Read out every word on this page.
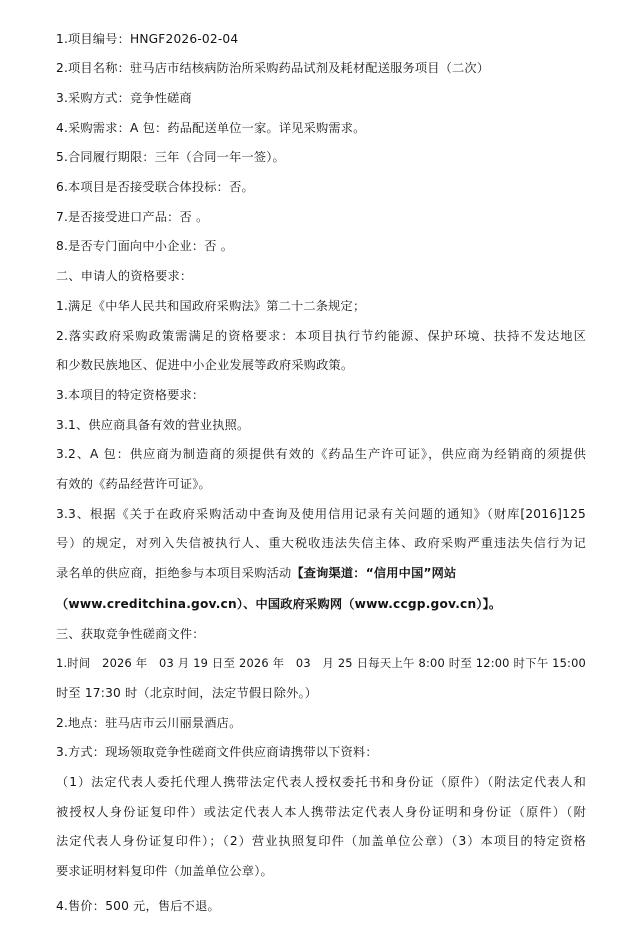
1.项目编号：HNGF2026-02-04
2.项目名称：驻马店市结核病防治所采购药品试剂及耗材配送服务项目（二次）
3.采购方式：竞争性磋商
4.采购需求：A 包：药品配送单位一家。详见采购需求。
5.合同履行期限：三年（合同一年一签）。
6.本项目是否接受联合体投标：否。
7.是否接受进口产品：否 。
8.是否专门面向中小企业：否 。
二、申请人的资格要求：
1.满足《中华人民共和国政府采购法》第二十二条规定；
2.落实政府采购政策需满足的资格要求：本项目执行节约能源、保护环境、扶持不发达地区
和少数民族地区、促进中小企业发展等政府采购政策。
3.本项目的特定资格要求：
3.1、供应商具备有效的营业执照。
3.2、A 包：供应商为制造商的须提供有效的《药品生产许可证》，供应商为经销商的须提供
有效的《药品经营许可证》。
3.3、根据《关于在政府采购活动中查询及使用信用记录有关问题的通知》（财库[2016]125
号）的规定，对列入失信被执行人、重大税收违法失信主体、政府采购严重违法失信行为记
录名单的供应商，拒绝参与本项目采购活动【查询渠道：“信用中国”网站
（www.creditchina.gov.cn）、中国政府采购网（www.ccgp.gov.cn）】。
三、获取竞争性磋商文件：
1.时间　2026 年　03 月 19 日至 2026 年　03　月 25 日每天上午 8:00 时至 12:00 时下午 15:00
时至 17:30 时（北京时间，法定节假日除外。）
2.地点：驻马店市云川丽景酒店。
3.方式：现场领取竞争性磋商文件供应商请携带以下资料：
（1）法定代表人委托代理人携带法定代表人授权委托书和身份证（原件）（附法定代表人和
被授权人身份证复印件）或法定代表人本人携带法定代表人身份证明和身份证（原件）（附
法定代表人身份证复印件）；（2）营业执照复印件（加盖单位公章）（3）本项目的特定资格
要求证明材料复印件（加盖单位公章）。
4.售价：500 元，售后不退。
